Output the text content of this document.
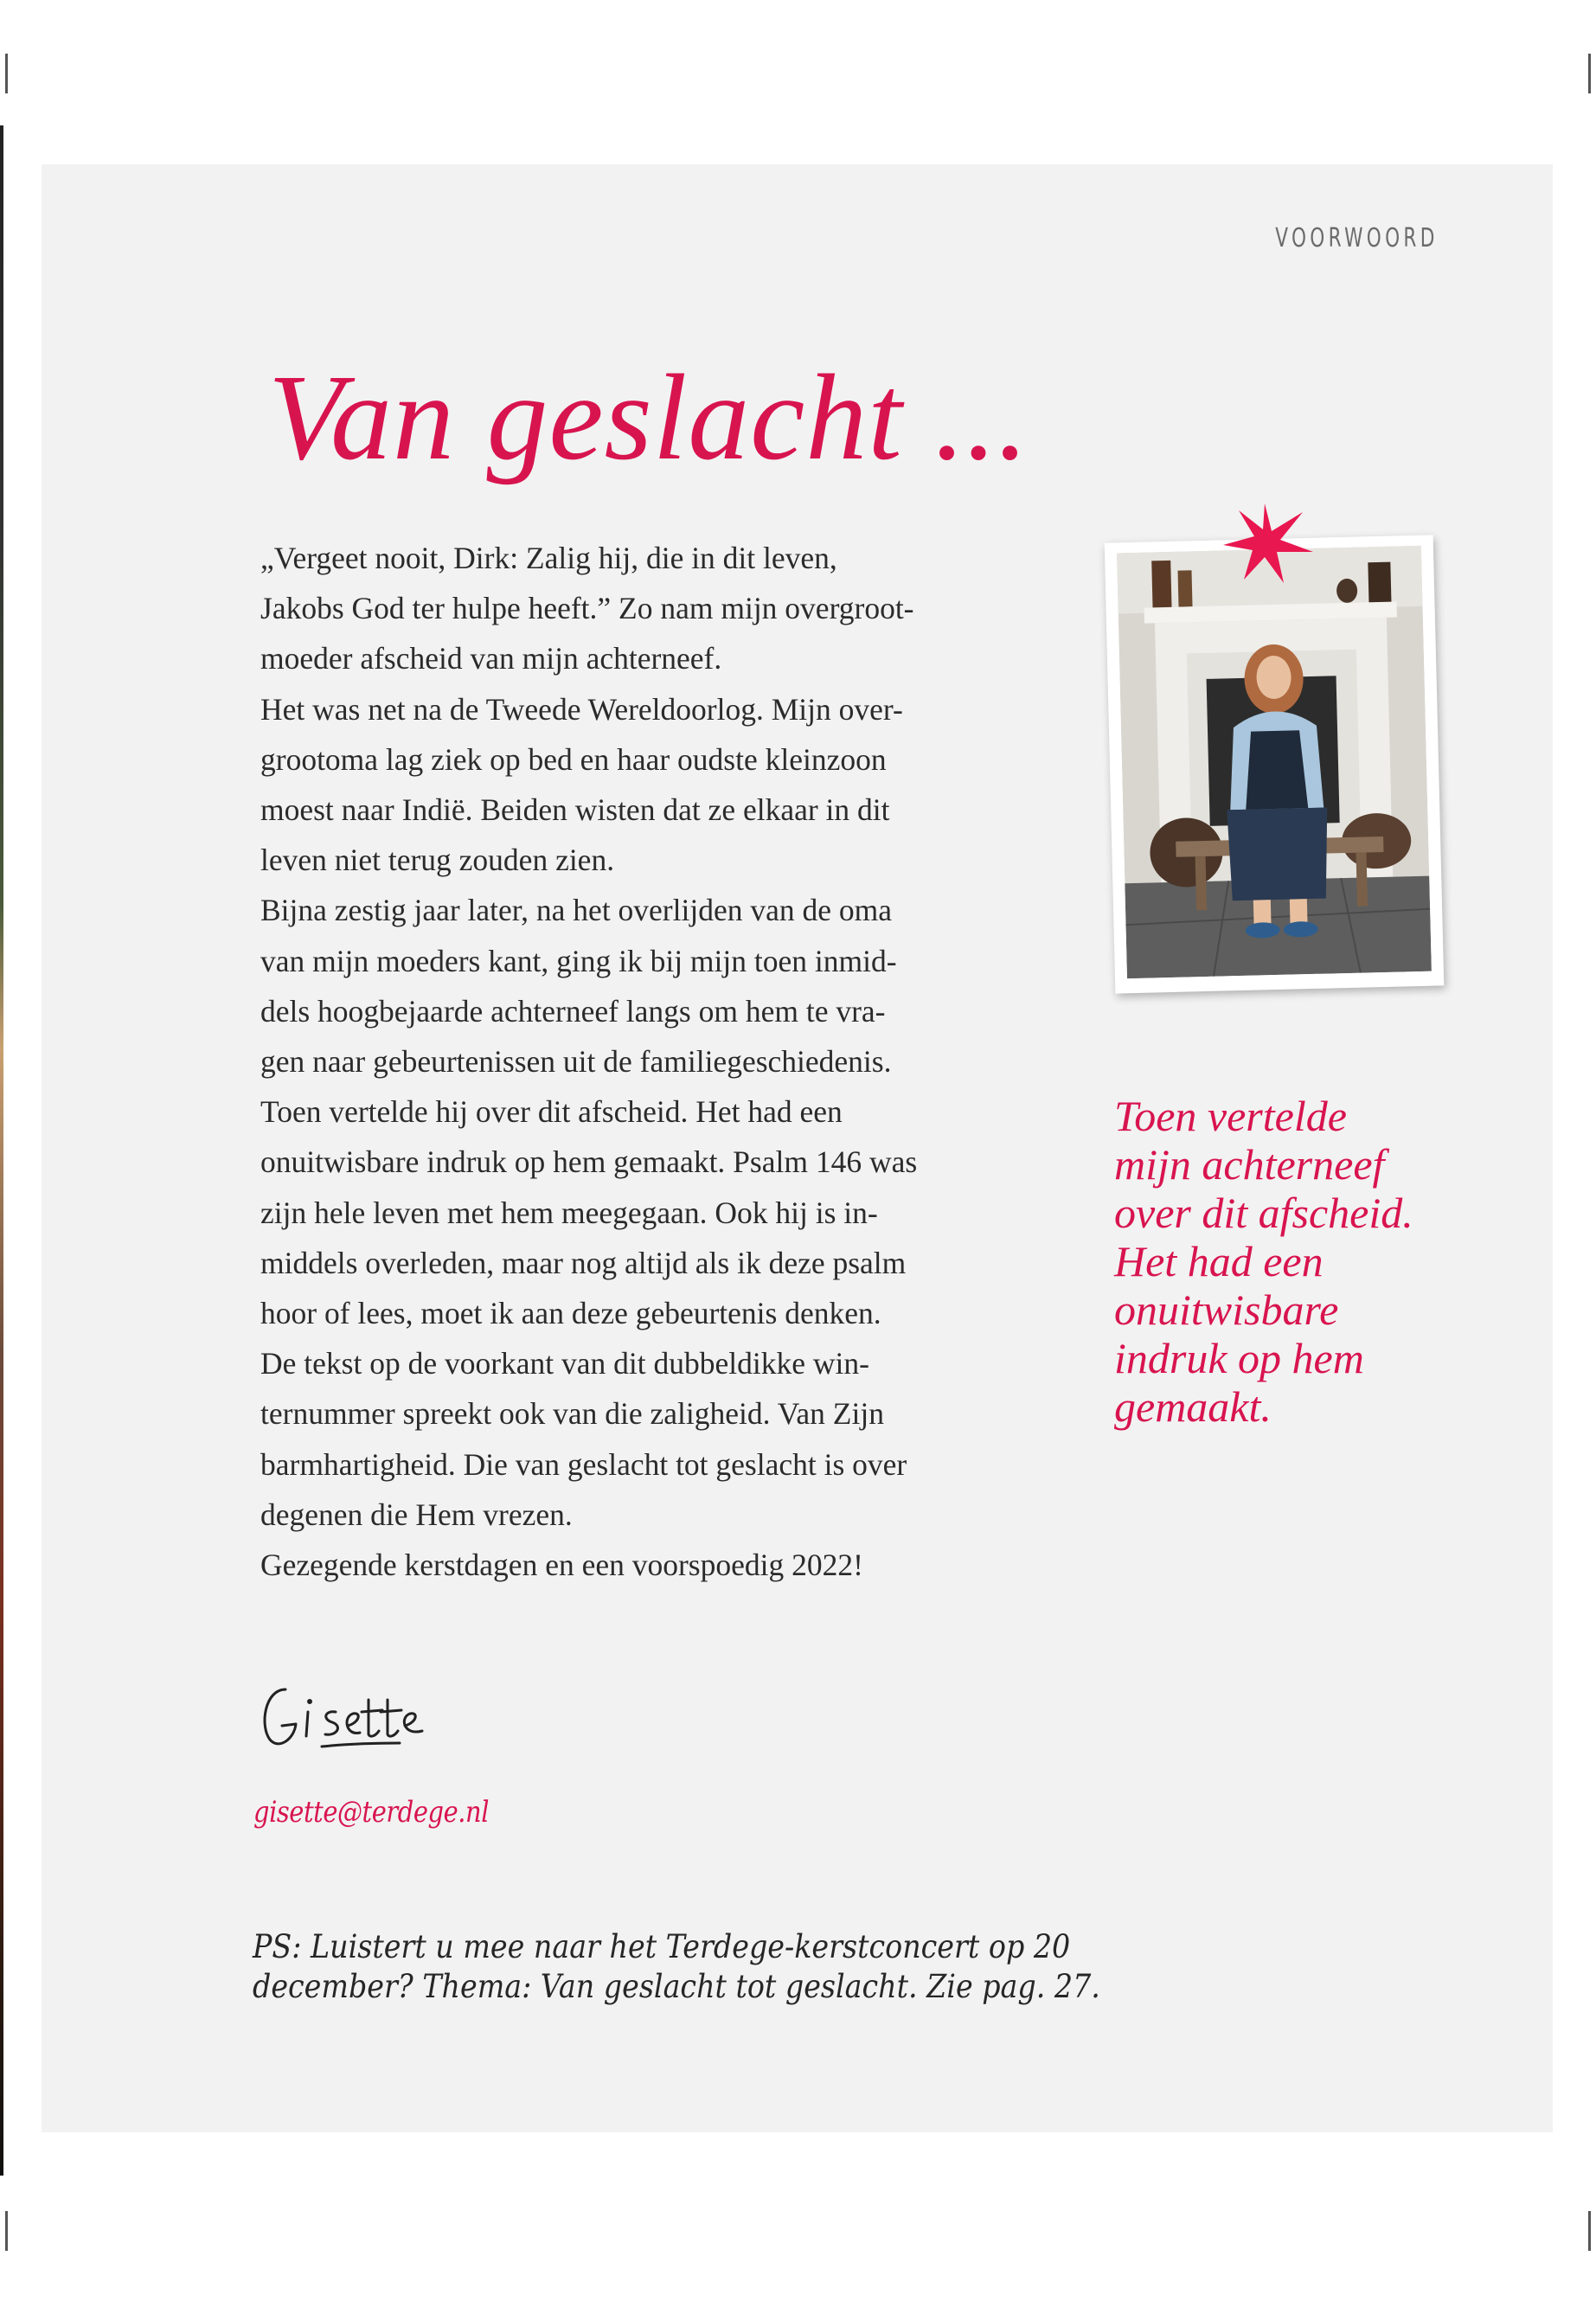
VOORWOORD
Van geslacht ...

„Vergeet nooit, Dirk: Zalig hij, die in dit leven,

Jakobs God ter hulpe heeft.” Zo nam mijn overgroot-

moeder afscheid van mijn achterneef.

Het was net na de Tweede Wereldoorlog. Mijn over-

grootoma lag ziek op bed en haar oudste kleinzoon

moest naar Indië. Beiden wisten dat ze elkaar in dit

leven niet terug zouden zien.

Bijna zestig jaar later, na het overlijden van de oma

van mijn moeders kant, ging ik bij mijn toen inmid-

dels hoogbejaarde achterneef langs om hem te vra-

gen naar gebeurtenissen uit de familiegeschiedenis.

Toen vertelde hij over dit afscheid. Het had een

onuitwisbare indruk op hem gemaakt. Psalm 146 was

zijn hele leven met hem meegegaan. Ook hij is in-

middels overleden, maar nog altijd als ik deze psalm

hoor of lees, moet ik aan deze gebeurtenis denken.

De tekst op de voorkant van dit dubbeldikke win-

ternummer spreekt ook van die zaligheid. Van Zijn

barmhartigheid. Die van geslacht tot geslacht is over

degenen die Hem vrezen.

Gezegende kerstdagen en een voorspoedig 2022!

Toen vertelde

mijn achterneef

over dit afscheid.

Het had een

onuitwisbare

indruk op hem

gemaakt.

gisette@terdege.nl

PS: Luistert u mee naar het Terdege-kerstconcert op 20

december? Thema: Van geslacht tot geslacht. Zie pag. 27.
